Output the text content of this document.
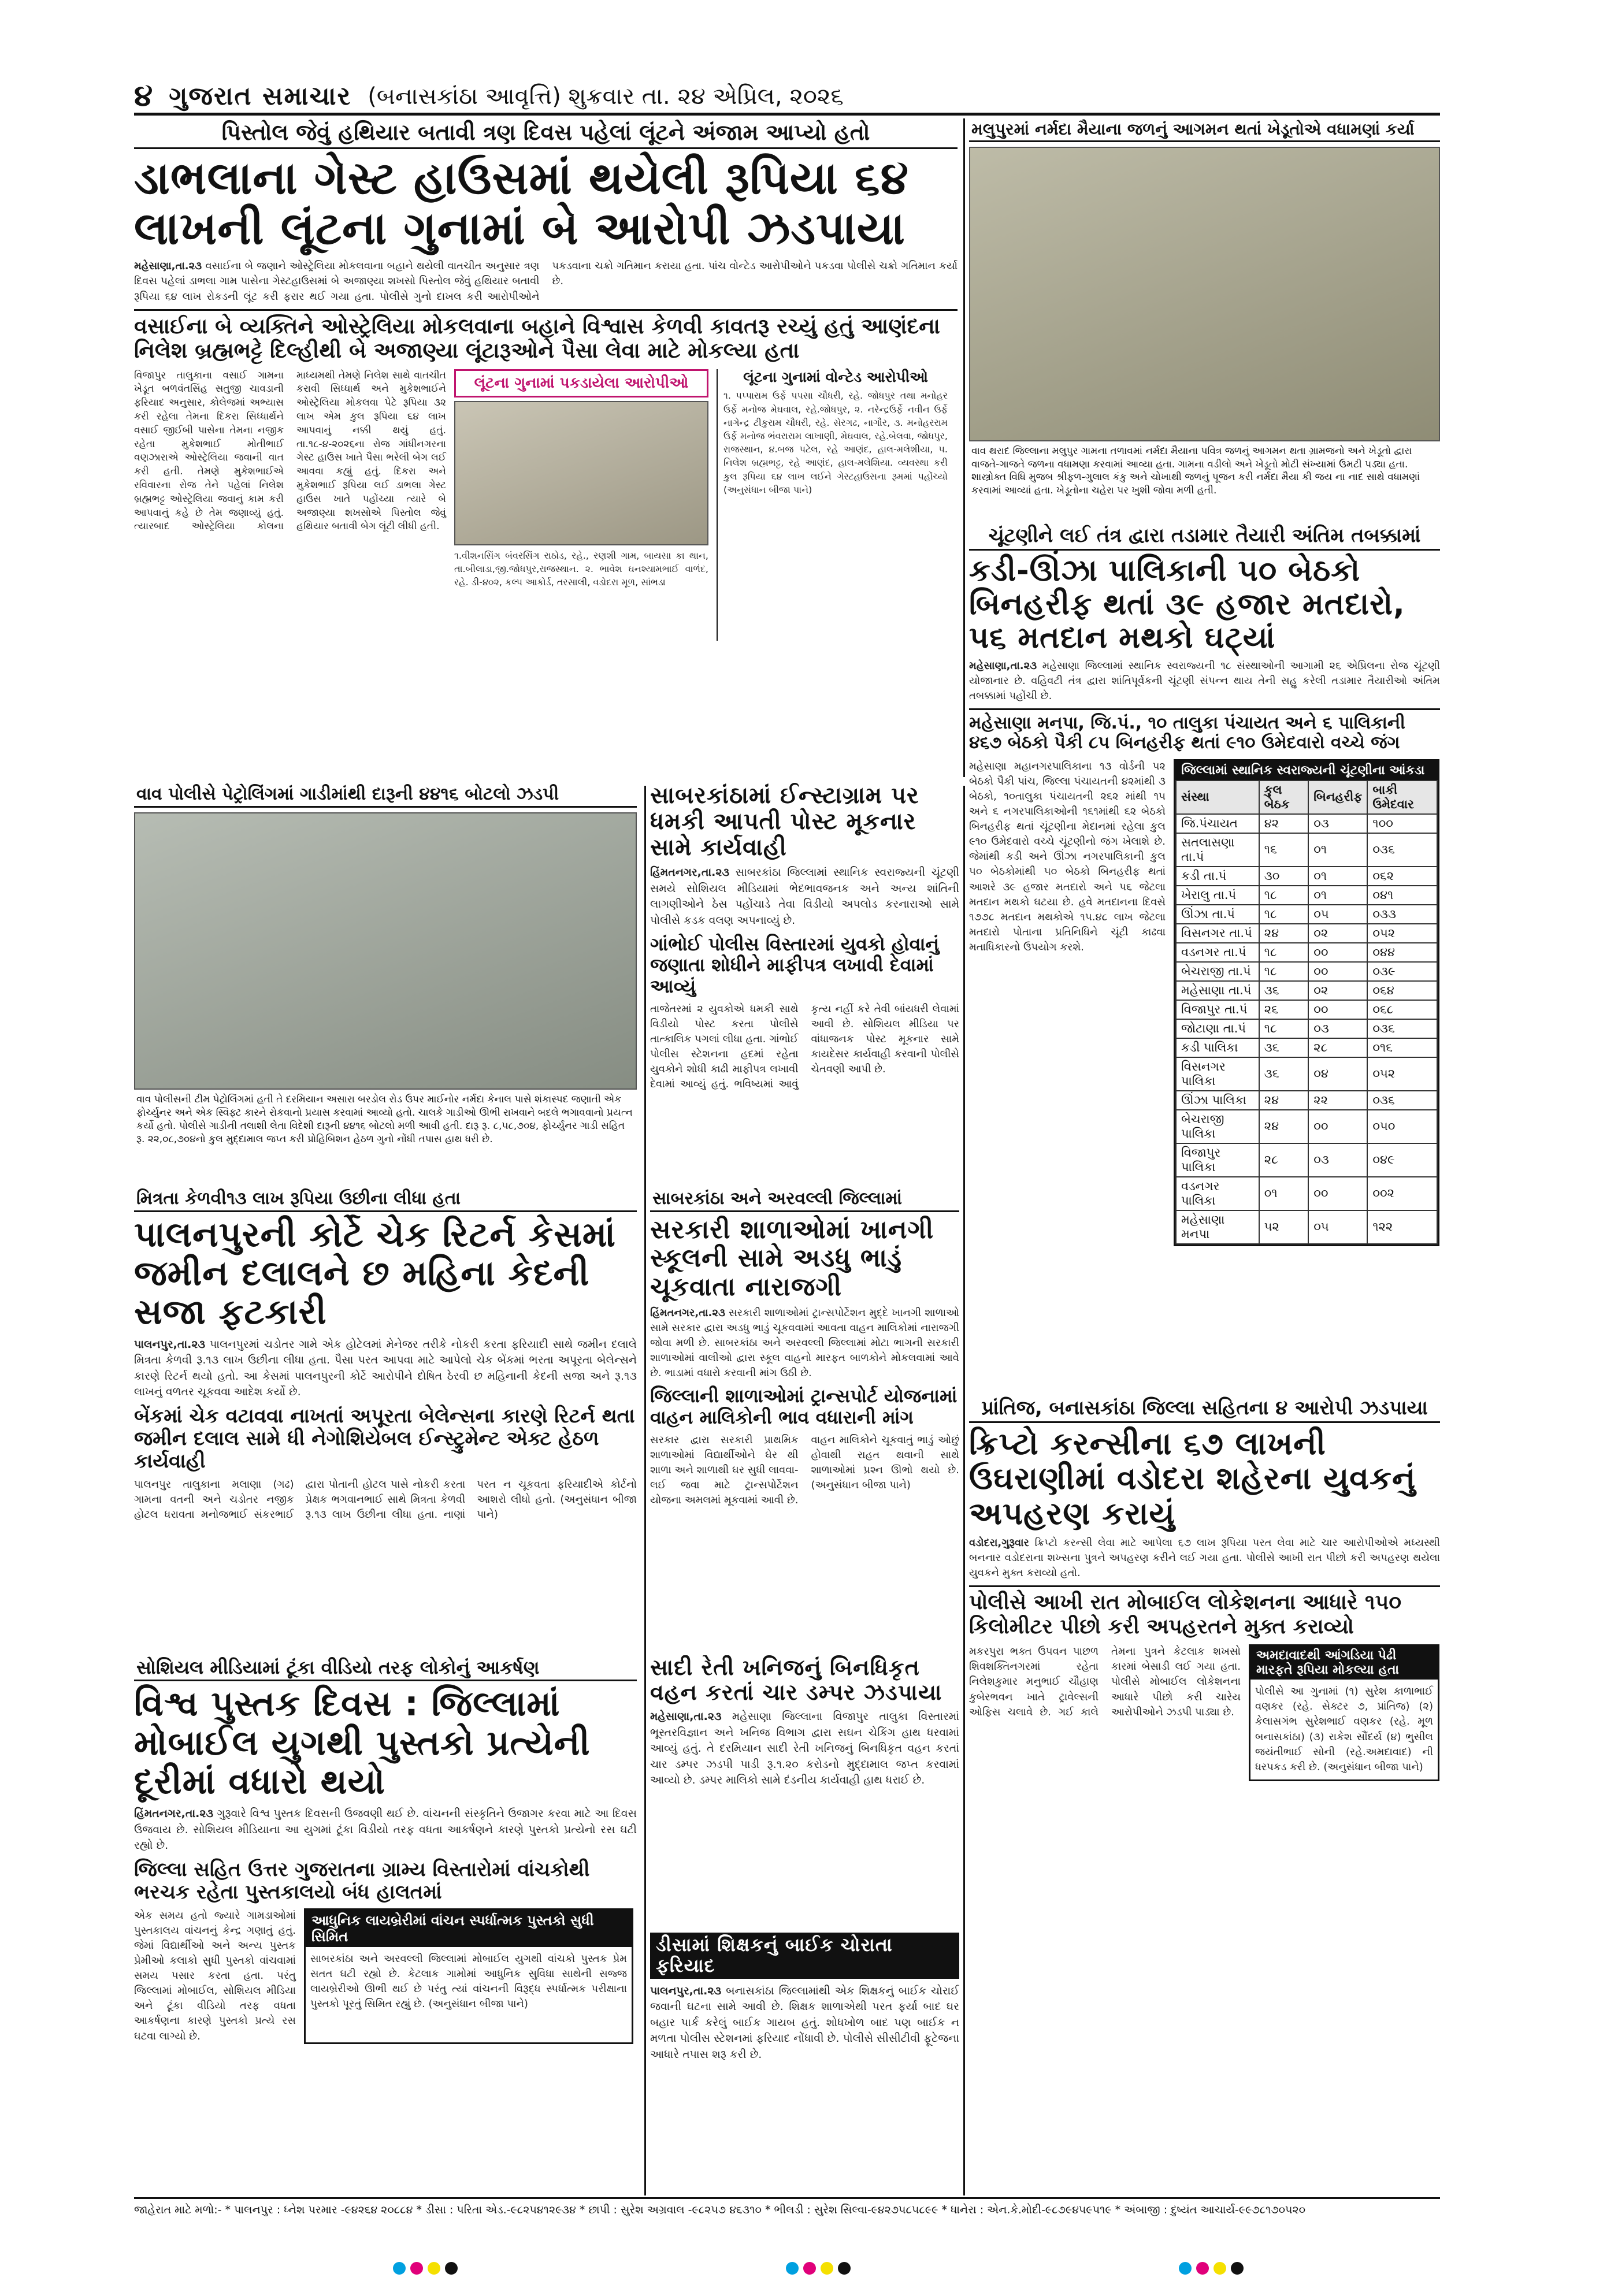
૪ ગુજરાત સમાચાર (બનાસકાંઠા આવૃત્તિ) શુક્રવાર તા. ૨૪ એપ્રિલ, ૨૦૨૬
પિસ્તોલ જેવું હથિયાર બતાવી ત્રણ દિવસ પહેલાં લૂંટને અંજામ આપ્યો હતો
ડાભલાના ગેસ્ટ હાઉસમાં થયેલી રૂપિયા ૬૪ લાખની લૂંટના ગુનામાં બે આરોપી ઝડપાયા
મહેસાણા,તા.૨૩ વસાઈના બે જણાને ઓસ્ટ્રેલિયા મોકલવાના બહાને થયેલી વાતચીત અનુસાર ત્રણ દિવસ પહેલાં ડાભલા ગામ પાસેના ગેસ્ટહાઉસમાં બે અજાણ્યા શખસો પિસ્તોલ જેવું હથિયાર બતાવી રૂપિયા ૬૪ લાખ રોકડની લૂંટ કરી ફરાર થઈ ગયા હતા. પોલીસે ગુનો દાખલ કરી આરોપીઓને પકડવાના ચક્રો ગતિમાન કરાયા હતા. પાંચ વોન્ટેડ આરોપીઓને પકડવા પોલીસે ચક્રો ગતિમાન કર્યા છે.
વસાઈના બે વ્યક્તિને ઓસ્ટ્રેલિયા મોકલવાના બહાને વિશ્વાસ કેળવી કાવતરૂ રચ્યું હતું આણંદના નિલેશ બ્રહ્મભટ્ટે દિલ્હીથી બે અજાણ્યા લૂંટારૂઓને પૈસા લેવા માટે મોકલ્યા હતા
વિજાપુર તાલુકાના વસાઈ ગામના ખેડૂત બળવંતસિંહ સતુજી ચાવડાની ફરિયાદ અનુસાર, કોલેજમાં અભ્યાસ કરી રહેલા તેમના દિકરા સિધ્ધાર્થને વસાઈ જીઈબી પાસેના તેમના નજીક રહેતા મુકેશભાઈ મોતીભાઈ વણઝારાએ ઓસ્ટ્રેલિયા જવાની વાત કરી હતી. તેમણે મુકેશભાઈએ રવિવારના રોજ તેને પહેલાં નિલેશ બ્રહ્મભટ્ટ ઓસ્ટ્રેલિયા જવાનું કામ કરી આપવાનું કહે છે તેમ જણાવ્યું હતું. ત્યારબાદ ઓસ્ટ્રેલિયા કોલના માધ્યમથી તેમણે નિલેશ સાથે વાતચીત કરાવી સિધ્ધાર્થ અને મુકેશભાઈને ઓસ્ટ્રેલિયા મોકલવા પેટે રૂપિયા ૩૨ લાખ એમ કુલ રૂપિયા ૬૪ લાખ આપવાનું નક્કી થયું હતું. તા.૧૮-૪-૨૦૨૬ના રોજ ગાંધીનગરના ગેસ્ટ હાઉસ ખાતે પૈસા ભરેલી બેગ લઈ આવવા કહ્યું હતું. દિકરા અને મુકેશભાઈ રૂપિયા લઈ ડાભલા ગેસ્ટ હાઉસ ખાતે પહોંચ્યા ત્યારે બે અજાણ્યા શખસોએ પિસ્તોલ જેવું હથિયાર બતાવી બેગ લૂંટી લીધી હતી.
લૂંટના ગુનામાં પકડાયેલા આરોપીઓ
૧.વીશનસિંગ બંવરસિંગ રાઠોડ, રહે., રણશી ગામ, બાયસા કા થાન, તા.બીલાડા,જી.જોધપુર,રાજસ્થાન. ૨. ભાવેશ ઘનશ્યામભાઈ વાળંદ, રહે. ડી-૪૦૨, કલ્પ આકોર્ડ, તરસાલી, વડોદરા મૂળ, સાંભડા
લૂંટના ગુનામાં વોન્ટેડ આરોપીઓ
૧. પપ્પારામ ઉર્ફે પપસા ચૌધરી, રહે. જોધપુર તથા મનોહર ઉર્ફે મનોજ મેઘવાલ, રહે.જોધપુર, ૨. નરેન્દ્રઉર્ફે નવીન ઉર્ફે નાગેન્દ્ર ટીકુરામ ચૌધરી, રહે. સેરગઢ, નાગૌર, ૩. મનોહરરામ ઉર્ફે મનોજ ભંવરારામ લાખાણી, મેઘવાલ, રહે.બેલવા, જોધપુર, રાજસ્થાન, ૪.બજ પટેલ, રહે આણંદ, હાલ-મલેશીયા, ૫. નિલેશ બ્રહ્મભટ્ટ, રહે આણંદ, હાલ-મલેશિયા. વ્યવસ્થા કરી કુલ રૂપિયા ૬૪ લાખ લઈને ગેસ્ટહાઉસના રૂમમાં પહોંચ્યો (અનુસંધાન બીજા પાને)
મલુપુરમાં નર્મદા મૈયાના જળનું આગમન થતાં ખેડૂતોએ વધામણાં કર્યા
વાવ થરાદ જિલ્લાના મલુપુર ગામના તળાવમાં નર્મદા મૈયાના પવિત્ર જળનું આગમન થતા ગ્રામજનો અને ખેડૂતો દ્વારા વાજતે-ગાજતે જળના વધામણા કરવામાં આવ્યા હતા. ગામના વડીલો અને ખેડૂતો મોટી સંખ્યામાં ઉમટી પડ્યા હતા. શાસ્ત્રોક્ત વિધિ મુજબ શ્રીફળ-ગુલાલ કંકુ અને ચોખાથી જળનું પૂજન કરી નર્મદા મૈયા કી જય ના નાદ સાથે વધામણાં કરવામાં આવ્યાં હતા. ખેડૂતોના ચહેરા પર ખુશી જોવા મળી હતી.
ચૂંટણીને લઈ તંત્ર દ્વારા તડામાર તૈયારી અંતિમ તબક્કામાં
કડી-ઊંઝા પાલિકાની ૫૦ બેઠકો બિનહરીફ થતાં ૩૯ હજાર મતદારો, ૫૬ મતદાન મથકો ઘટ્યાં
મહેસાણા,તા.૨૩ મહેસાણા જિલ્લામાં સ્થાનિક સ્વરાજ્યની ૧૮ સંસ્થાઓની આગામી ૨૬ એપ્રિલના રોજ ચૂંટણી યોજાનાર છે. વહિવટી તંત્ર દ્વારા શાંતિપૂર્વકની ચૂંટણી સંપન્ન થાય તેની સહુ કરેલી તડામાર તૈયારીઓ અંતિમ તબક્કામાં પહોંચી છે.
મહેસાણા મનપા, જિ.પં., ૧૦ તાલુકા પંચાયત અને ૬ પાલિકાની ૪૬૭ બેઠકો પૈકી ૮૫ બિનહરીફ થતાં ૯૧૦ ઉમેદવારો વચ્ચે જંગ
મહેસાણા મહાનગરપાલિકાના ૧૩ વોર્ડની ૫૨ બેઠકો પૈકી પાંચ, જિલ્લા પંચાયતની ૪૨માંથી ૩ બેઠકો, ૧૦તાલુકા પંચાયતની ૨૬૨ માંથી ૧૫ અને ૬ નગરપાલિકાઓની ૧૬૧માંથી ૬૨ બેઠકો બિનહરીફ થતાં ચૂંટણીના મેદાનમાં રહેલા કુલ ૯૧૦ ઉમેદવારો વચ્ચે ચૂંટણીનો જંગ ખેલાશે છે. જેમાંથી કડી અને ઊંઝા નગરપાલિકાની કુલ ૫૦ બેઠકોમાંથી ૫૦ બેઠકો બિનહરીફ થતાં આશરે ૩૯ હજાર મતદારો અને ૫૬ જેટલા મતદાન મથકો ઘટયા છે. હવે મતદાનના દિવસે ૧૭૭૮ મતદાન મથકોએ ૧૫.૪૮ લાખ જેટલા મતદારો પોતાના પ્રતિનિધિને ચૂંટી કાઢવા મતાધિકારનો ઉપયોગ કરશે.
જિલ્લામાં સ્થાનિક સ્વરાજ્યની ચૂંટણીના આંકડા
સંસ્થા	કુલ બેઠક	બિનહરીફ	બાકી ઉમેદવાર
જિ.પંચાયત	૪૨	૦૩	૧૦૦
સતલાસણા તા.પં	૧૬	૦૧	૦૩૬
કડી તા.પં	૩૦	૦૧	૦૬૨
ખેરાલુ તા.પં	૧૮	૦૧	૦૪૧
ઊંઝા તા.પં	૧૮	૦૫	૦૩૩
વિસનગર તા.પં	૨૪	૦૨	૦૫૨
વડનગર તા.પં	૧૮	૦૦	૦૪૪
બેચરાજી તા.પં	૧૮	૦૦	૦૩૯
મહેસાણા તા.પં	૩૬	૦૨	૦૬૪
વિજાપુર તા.પં	૨૬	૦૦	૦૬૮
જોટાણા તા.પં	૧૮	૦૩	૦૩૬
કડી પાલિકા	૩૬	૨૮	૦૧૬
વિસનગર પાલિકા	૩૬	૦૪	૦૫૨
ઊંઝા પાલિકા	૨૪	૨૨	૦૩૬
બેચરાજી પાલિકા	૨૪	૦૦	૦૫૦
વિજાપુર પાલિકા	૨૮	૦૩	૦૪૯
વડનગર પાલિકા	૦૧	૦૦	૦૦૨
મહેસાણા મનપા	૫૨	૦૫	૧૨૨
વાવ પોલીસે પેટ્રોલિંગમાં ગાડીમાંથી દારૂની ૪૪૧૬ બોટલો ઝડપી
વાવ પોલીસની ટીમ પેટ્રોલિંગમાં હતી તે દરમિયાન અસારા બરડોલ રોડ ઉપર માઈનોર નર્મદા કેનાલ પાસે શંકાસ્પદ જણાતી એક ફોર્ચ્યુનર અને એક સ્વિફ્ટ કારને રોકવાનો પ્રયાસ કરવામાં આવ્યો હતો. ચાલકે ગાડીઓ ઊભી રાખવાને બદલે ભગાવવાનો પ્રયત્ન કર્યો હતો. પોલીસે ગાડીની તલાશી લેતા વિદેશી દારૂની ૪૪૧૬ બોટલો મળી આવી હતી. દારૂ રૂ. ૮,૫૮,૭૦૪, ફોર્ચ્યુનર ગાડી સહિત રૂ. ૨૨,૦૮,૭૦૪નો કુલ મુદ્દામાલ જપ્ત કરી પ્રોહિબિશન હેઠળ ગુનો નોંધી તપાસ હાથ ધરી છે.
મિત્રતા કેળવી૧૩ લાખ રૂપિયા ઉછીના લીધા હતા
પાલનપુરની કોર્ટે ચેક રિટર્ન કેસમાં જમીન દલાલને છ મહિના કેદની સજા ફટકારી
પાલનપુર,તા.૨૩ પાલનપુરમાં ચડોતર ગામે એક હોટેલમાં મેનેજર તરીકે નોકરી કરતા ફરિયાદી સાથે જમીન દલાલે મિત્રતા કેળવી રૂ.૧૩ લાખ ઉછીના લીધા હતા. પૈસા પરત આપવા માટે આપેલો ચેક બેંકમાં ભરતા અપૂરતા બેલેન્સને કારણે રિટર્ન થયો હતો. આ કેસમાં પાલનપુરની કોર્ટે આરોપીને દોષિત ઠેરવી છ મહિનાની કેદની સજા અને રૂ.૧૩ લાખનું વળતર ચૂકવવા આદેશ કર્યો છે.
બેંકમાં ચેક વટાવવા નાખતાં અપૂરતા બેલેન્સના કારણે રિટર્ન થતા જમીન દલાલ સામે ધી નેગોશિયેબલ ઈન્સ્ટ્રુમેન્ટ એક્ટ હેઠળ કાર્યવાહી
પાલનપુર તાલુકાના મલાણા (ગઢ) ગામના વતની અને ચડોતર નજીક હોટલ ધરાવતા મનોજભાઈ સંકરભાઈ દ્વારા પોતાની હોટલ પાસે નોકરી કરતા પ્રેક્ષક ભગવાનભાઈ સાથે મિત્રતા કેળવી રૂ.૧૩ લાખ ઉછીના લીધા હતા. નાણાં પરત ન ચૂકવતા ફરિયાદીએ કોર્ટનો આશરો લીધો હતો. (અનુસંધાન બીજા પાને)
સાબરકાંઠામાં ઈન્સ્ટાગ્રામ પર ધમકી આપતી પોસ્ટ મૂકનાર સામે કાર્યવાહી
હિંમતનગર,તા.૨૩ સાબરકાંઠા જિલ્લામાં સ્થાનિક સ્વરાજ્યની ચૂંટણી સમયે સોશિયલ મીડિયામાં ભેદભાવજનક અને અન્ય શાંતિની લાગણીઓને ઠેસ પહોંચાડે તેવા વિડીયો અપલોડ કરનારાઓ સામે પોલીસે કડક વલણ અપનાવ્યું છે.
ગાંભોઈ પોલીસ વિસ્તારમાં યુવકો હોવાનું જણાતા શોધીને માફીપત્ર લખાવી દેવામાં આવ્યું
તાજેતરમાં ૨ યુવકોએ ધમકી સાથે વિડીયો પોસ્ટ કરતા પોલીસે તાત્કાલિક પગલાં લીધા હતા. ગાંભોઈ પોલીસ સ્ટેશનના હદમાં રહેતા યુવકોને શોધી કાઢી માફીપત્ર લખાવી દેવામાં આવ્યું હતું. ભવિષ્યમાં આવું કૃત્ય નહીં કરે તેવી બાંયધરી લેવામાં આવી છે. સોશિયલ મીડિયા પર વાંધાજનક પોસ્ટ મૂકનાર સામે કાયદેસર કાર્યવાહી કરવાની પોલીસે ચેતવણી આપી છે.
સાબરકાંઠા અને અરવલ્લી જિલ્લામાં
સરકારી શાળાઓમાં ખાનગી સ્કૂલની સામે અડધુ ભાડું ચૂકવાતા નારાજગી
હિંમતનગર,તા.૨૩ સરકારી શાળાઓમાં ટ્રાન્સપોર્ટેશન મુદ્દે ખાનગી શાળાઓ સામે સરકાર દ્વારા અડધુ ભાડું ચૂકવવામાં આવતા વાહન માલિકોમાં નારાજગી જોવા મળી છે. સાબરકાંઠા અને અરવલ્લી જિલ્લામાં મોટા ભાગની સરકારી શાળાઓમાં વાલીઓ દ્વારા સ્કૂલ વાહનો મારફત બાળકોને મોકલવામાં આવે છે. ભાડામાં વધારો કરવાની માંગ ઉઠી છે.
જિલ્લાની શાળાઓમાં ટ્રાન્સપોર્ટ યોજનામાં વાહન માલિકોની ભાવ વધારાની માંગ
સરકાર દ્વારા સરકારી પ્રાથમિક શાળાઓમાં વિદ્યાર્થીઓને ઘેર થી શાળા અને શાળાથી ઘર સુધી લાવવા-લઈ જવા માટે ટ્રાન્સપોર્ટેશન યોજના અમલમાં મૂકવામાં આવી છે. વાહન માલિકોને ચૂકવાતું ભાડું ઓછું હોવાથી રાહત થવાની સાથે શાળાઓમાં પ્રશ્ન ઊભો થયો છે. (અનુસંધાન બીજા પાને)
પ્રાંતિજ, બનાસકાંઠા જિલ્લા સહિતના ૪ આરોપી ઝડપાયા
ક્રિપ્ટો કરન્સીના ૬૭ લાખની ઉઘરાણીમાં વડોદરા શહેરના યુવકનું અપહરણ કરાયું
વડોદરા,ગુરૂવાર ક્રિપ્ટો કરન્સી લેવા માટે આપેલા ૬૭ લાખ રૂપિયા પરત લેવા માટે ચાર આરોપીઓએ મધ્યસ્થી બનનાર વડોદરાના શખ્સના પુત્રને અપહરણ કરીને લઈ ગયા હતા. પોલીસે આખી રાત પીછો કરી અપહરણ થયેલા યુવકને મુક્ત કરાવ્યો હતો.
પોલીસે આખી રાત મોબાઈલ લોકેશનના આધારે ૧૫૦ કિલોમીટર પીછો કરી અપહરતને મુક્ત કરાવ્યો
મકરપુરા ભક્ત ઉપવન પાછળ શિવશક્તિનગરમાં રહેતા નિલેશકુમાર મનુભાઈ ચૌહાણ કુબેરભવન ખાતે ટ્રાવેલ્સની ઓફિસ ચલાવે છે. ગઈ કાલે તેમના પુત્રને કેટલાક શખસો કારમાં બેસાડી લઈ ગયા હતા. પોલીસે મોબાઈલ લોકેશનના આધારે પીછો કરી ચારેય આરોપીઓને ઝડપી પાડ્યા છે.
અમદાવાદથી આંગડિયા પેઢી મારફતે રૂપિયા મોકલ્યા હતા
પોલીસે આ ગુનામાં (૧) સુરેશ કાળાભાઈ વણકર (રહે. સેક્ટર ૭, પ્રાંતિજ) (૨) કેલાસગંભ સુરેશભાઈ વણકર (રહે. મૂળ બનાસકાંઠા) (૩) રાકેશ સૌંદર્ય (૪) ભુસીલ જયંતીભાઈ સોની (રહે.અમદાવાદ) ની ધરપકડ કરી છે. (અનુસંધાન બીજા પાને)
સોશિયલ મીડિયામાં ટૂંકા વીડિયો તરફ લોકોનું આકર્ષણ
વિશ્વ પુસ્તક દિવસ : જિલ્લામાં મોબાઈલ યુગથી પુસ્તકો પ્રત્યેની દૂરીમાં વધારો થયો
હિંમતનગર,તા.૨૩ ગુરૂવારે વિશ્વ પુસ્તક દિવસની ઉજવણી થઈ છે. વાંચનની સંસ્કૃતિને ઉજાગર કરવા માટે આ દિવસ ઉજવાય છે. સોશિયલ મીડિયાના આ યુગમાં ટૂંકા વિડીયો તરફ વધતા આકર્ષણને કારણે પુસ્તકો પ્રત્યેનો રસ ઘટી રહ્યો છે.
જિલ્લા સહિત ઉત્તર ગુજરાતના ગ્રામ્ય વિસ્તારોમાં વાંચકોથી ભરચક રહેતા પુસ્તકાલયો બંધ હાલતમાં
એક સમય હતો જ્યારે ગામડાઓમાં પુસ્તકાલય વાંચનનું કેન્દ્ર ગણાતું હતું. જેમાં વિદ્યાર્થીઓ અને અન્ય પુસ્તક પ્રેમીઓ કલાકો સુધી પુસ્તકો વાંચવામાં સમય પસાર કરતા હતા. પરંતુ જિલ્લામાં મોબાઈલ, સોશિયલ મીડિયા અને ટૂંકા વીડિયો તરફ વધતા આકર્ષણના કારણે પુસ્તકો પ્રત્યે રસ ઘટવા લાગ્યો છે.
આધુનિક લાયબ્રેરીમાં વાંચન સ્પર્ધાત્મક પુસ્તકો સુધી સિમિત
સાબરકાંઠા અને અરવલ્લી જિલ્લામાં મોબાઈલ યુગથી વાંચકો પુસ્તક પ્રેમ સતત ઘટી રહ્યો છે. કેટલાક ગામોમાં આધુનિક સુવિધા સાથેની સજ્જ લાયબ્રેરીઓ ઊભી થઈ છે પરંતુ ત્યાં વાંચનની વિરૂદ્ધ સ્પર્ધાત્મક પરીક્ષાના પુસ્તકો પૂરતું સિમિત રહ્યું છે. (અનુસંધાન બીજા પાને)
સાદી રેતી ખનિજનું બિનધિકૃત વહન કરતાં ચાર ડમ્પર ઝડપાયા
મહેસાણા,તા.૨૩ મહેસાણા જિલ્લાના વિજાપુર તાલુકા વિસ્તારમાં ભૂસ્તરવિજ્ઞાન અને ખનિજ વિભાગ દ્વારા સઘન ચેકિંગ હાથ ધરવામાં આવ્યું હતું. તે દરમિયાન સાદી રેતી ખનિજનું બિનધિકૃત વહન કરતાં ચાર ડમ્પર ઝડપી પાડી રૂ.૧.૨૦ કરોડનો મુદ્દામાલ જપ્ત કરવામાં આવ્યો છે. ડમ્પર માલિકો સામે દંડનીય કાર્યવાહી હાથ ધરાઈ છે.
ડીસામાં શિક્ષકનું બાઈક ચોરાતા ફરિયાદ
પાલનપુર,તા.૨૩ બનાસકાંઠા જિલ્લામાંથી એક શિક્ષકનું બાઈક ચોરાઈ જવાની ઘટના સામે આવી છે. શિક્ષક શાળાએથી પરત ફર્યા બાદ ઘર બહાર પાર્ક કરેલું બાઈક ગાયબ હતું. શોધખોળ બાદ પણ બાઈક ન મળતા પોલીસ સ્ટેશનમાં ફરિયાદ નોંધાવી છે. પોલીસે સીસીટીવી ફૂટેજના આધારે તપાસ શરૂ કરી છે.
જાહેરાત માટે મળો:- * પાલનપુર : ધ્નેશ પરમાર -૯૪૨૬૪ ૨૦૮૮૪ * ડીસા : પરિતા એડ.-૯૮૨૫૪૧૨૯૩૪ * છાપી : સુરેશ અગ્રવાલ -૯૮૨૫૭ ૪૬૩૧૦ * ભીલડી : સુરેશ સિલ્વા-૯૪૨૭૫૮૫૮૯૯ * ધાનેરા : એન.કે.મોદી-૯૮૭૯૪૫૯૫૧૯ * અંબાજી : દુષ્યંત આચાર્ય-૯૯૭૮૧૭૦૫૨૦
